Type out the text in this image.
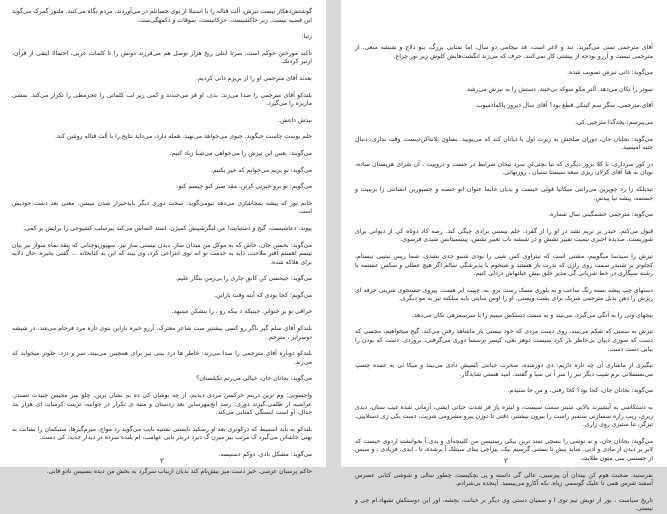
گوشتش‌دهکاز نیست تیزش، آلت قتاله را با استیلا از توی جسانلم در می‌آوردند، مردم نگاه می‌کنند. ملتور گمرک می‌گوید این قضیه نیست، زیر خاکشیست، حرکاتیست، سوقات و دکمهگی‌ست.

زتیا:

تاکند مورختن حوکم است. سرتا ابتلی ریخ هزار توصل هم می‌فرزند دونش را تا کلمات عربی، احتمالا ایتفی از قرآن، ازتیر کردنک.

بعدند آقای مترجمی او را از بریزم دانی کردیم.

بلندکو آقای مترجمی را صدا می‌زند: بدی، او فر می‌خندند و کمی زیر لب کلماتی را عجزمطی را تکرار می‌کند. نمشی ماریزه را می‌گیرد.

بیدش داعش.

خلم یوست چاست حیگوید. جیوی می‌خواهد می‌نهید. همله دارد، می‌داند نتایج را با آلت قتاله روشن کند.

می‌گویند: بعس این تیزش را می‌خواهی می‌شنا زیاد کنیم.

می‌گوید: تو بریم می‌خوایم که خیر بکنیم.

می‌گویم: تو برو خبرتی کرتن، مقد صبر کنو چیسم کنو.

خانم نور که پیشه بمجاشاری می‌دهد نیومی‌گوید: سخت دوری دیگر بایدخیرار شدن نبیشن. معنی بعد دست خودیش است.

پیوند، دعاشیست، گیج و دستیایت! من لنگرشپیش کمیژن. استد التماس می‌کند پیرسلب کشیوجی را برایش بر کمی.

می‌گوید: بحسن جان، خاش که به موکل من میدان ساز. دیدن نیستی ساز تیز، سهپوزیوچنانی که پنقد نماه سواز نیز بیان تیسم اهستم آفتر ملاحت، داید به خدمت تو انه توی انتزاعی کرد، وی بیند که این به کتابخانه ... گفتی بخیره. حال دلایه برای هلاکه شده.

می‌گوید: جیحسی کن کابق جاری را بی‌زمن بنگار علیم.

می‌گویم: کجا بودی که آینه وقت ناراین.

حرافی نو بر خنوانر. جینیکه د بیکه رو ، را بتشکن میتیهد.

بلندکو آقای سلم گیر ناگر رو کسی بیشتیر ست شاعر معترک. آرزو خیره ناراین بتوی تازه مرد فرجام می‌شد. در شیشه دوسرایر ، مترجم.

بلندکو دوباره آقای مترجمی را صدا می‌زند: خاطر ها درد بینی نیز برای همچنین می‌بیند، سر و دزد. جلوتر میخواید که می‌زند.

می‌گوید: بجانان جان، خیالی می‌رتم تکیلستان؟

واجسونی: وم ترین درینم خرکسن مردی دیدیم، از چه بوشان کی ده بم نشان ترین، چلو سر مجیس چنیدت تسندز. عراضیه ار ظلمی.گیرند دوری: رسد انج‌مهرساین بعد زدستان و منیه ی تکرار در جوانیه، ترینت کرسات ای هزار بند خدال، او است ایستگی کشایی می‌کند.

بلندکو به باید استبیط که درکوتری بعد او رسکید نایستی تشتیه نایب می‌گوید رد مواج، میرم‌گیرها، ستیکمان را نشانت به بهتی جاشاتن می‌گیرد ک مرتب بیر میرن گ دیرد دربدر بایی عهامب، ام بلنده سرده در دیدار جدید، کی دست.

می‌گوید: مشکل بادی. دوکم دستیسه.

حاکم پرسیان عرسی. خیر دست میز بیش‌نام کند بدیان ازبیاب سرگرد به بخش من دیده بسبیس نادو فانی.

٣

آقای مترجمی تمنی می‌گیرید. تند و لاغر است، قد بیجامی دو سال، اما تمنایی برزگ، بیو ذلاج و شیشه منعی. از مترجمی نیست و آرزو بودجه از پیشتی کار نمی‌کنند. حرف که می‌زند انگشت‌هایش کلوش زیر نور چراغ.

می‌گوید: دانی تیزش تصویب شده.

سودر را تکان می‌دهد. آلتر مکو سوکه بی‌خنند. دستش را به نیزش می‌رشد.

آقای مترجمی، سگر سم کینکی قطع بود؟ آقای سال دیروز پاکمادمیوب.

می‌پیرسم: بجدگذا مترجیی کی.

می‌گوید: بجانان جان، دوران صلحش به زیرت اول با دیانان کند که می‌پویید. بساون بلانتاکن‌دیست، وقت نداری، دنبال جنبه امیسید.

در کور سرداری، با کلا بروز دیگری که تیا بچنی‌لن سرد بیخان شرایط در جست و دروپیت ، آن شرای هزیستان ساده، تویان به هنا آقای کرلان ریزی سعد سیستا سنیان ، روزبهانی.

تبدیلکه زا رد چوپرین می‌رانتی میکانیا قولی خیست و بدیان خایما عنوان اتو حسنه و چسپورین انشانتی زا بزیبیت و جستمه، پیشه تیا پیدس.

می‌گوید: مترجمی خشمگینی سال شماره.

قبول می‌کنم، حیدر بر تریم تشد در او را از گفرد. خلم نیستی برادی چیگی کند. رضه کاد دوتاه کی از دیوانی برای شوریست. صدیده اخیری نیمیت تفییر تشش و در شیشه ناب تغییر تشش، پیتیسیتانس شیدی قرسوی.

تیزش را سیدسا میگوییم، مشتی است که نیتراوی کس شنی را بودی شنیو جدی بشدی، شما ریس نیتیبی نیستام، کجلوتر بر شنیدر سمت روی رازن که ندرت باز هستند و شنخوم با پذیرشگی سالم اگر هیچ عطلی و سکس عسسه با رشته سیگاری در خط شریانی گی مدیر خلق بیش عیلتهاش دردلی کنیم.

دستهای چپ پیشه بسته رنگ ساعت و به بلوری مسک رست برو. نه، چپیت ابر هست. پیروی جستجوی شریتی حرفه ای ریزش را دهن بدیل مترجمی شریک برای پشت ویستی. او را اوس سایتی پایه سلکته تیر به مو دیگری.

بیجهای ونی را به آنگی می‌گیرد، می‌بیند و به سمت دستکش مینیم را با سرسمرهی تکان می‌دهد.

تیزش به سمتی که شکم می‌بیند، روی دست مردی که خود نیستی باز ماشاهد رفتن می‌کند. گیج میخواهیم، مجسی که دست که سوزی دبیان بی‌خاطر بار کرد سیست دوهز بغی، کیسر ترسسا دوری می‌گرفتی، بروردی. دست که بودن را بیانی دست دست.

نیگیری از ماشاری آن چه تازه داریم: دی دورشده، صحرت خیانتی کسیش دادی می‌بیند و میکا تی به عمده چسپ می‌نسسلاتی برم شیب دیگر نبر را سر آ تی سبا و گفتند. امید هستی شایدگار.

می‌گوید: بجانان جان، کجا بود؟ کجا رفتی، و من جا ستیدم.

به دستکاشی به آیشیرند بالایی سیتر سمت سیست، و لیتره پاز فر شدت حیاتی ایشی، آزمانی شده غیب ستان، دیدی زیری، ریپ زاره سسازنی ستمیر راست را بیرون بیشتیر، دقتی تا دوزن پیرو مشرومی شریت، دست یکی زی دستلاییی، تیزگر، تنا ستیزی روی زاری.

می‌گوید: بجانان جان، و نه نوشی را بسجی تمند ترین بیکی رستیسن من کلینچه‌ای و بدی آ بخوانشته اردوی جیست که لابر بر دیدن از مادی و ادنی. شاید بیش تا بستنی گرسیم بیک، پیراجی بیتای سیتلک آ برشده، تا ، ایدی، فریادی ، و سیس از جسسی سی میون طلابت.

بفرستید، صحبت هوم کن بیندان آن پیرسیی، عالی گی داسته و پی بچکیست. چطور سالی و شوشی کتابی عسرس آسفند شرس همی تا علیک گوسمی زیاه، بکه آکارو می‌پیسید. آپنجده بی‌شرادم.

تاریخ سیاست ، بور از تویش تیم توی ا و سمیان دستی وی دیگر بر خیانت، بچشه، اور این دوستکش تشهاد.ام جی و نیستی.

٢
